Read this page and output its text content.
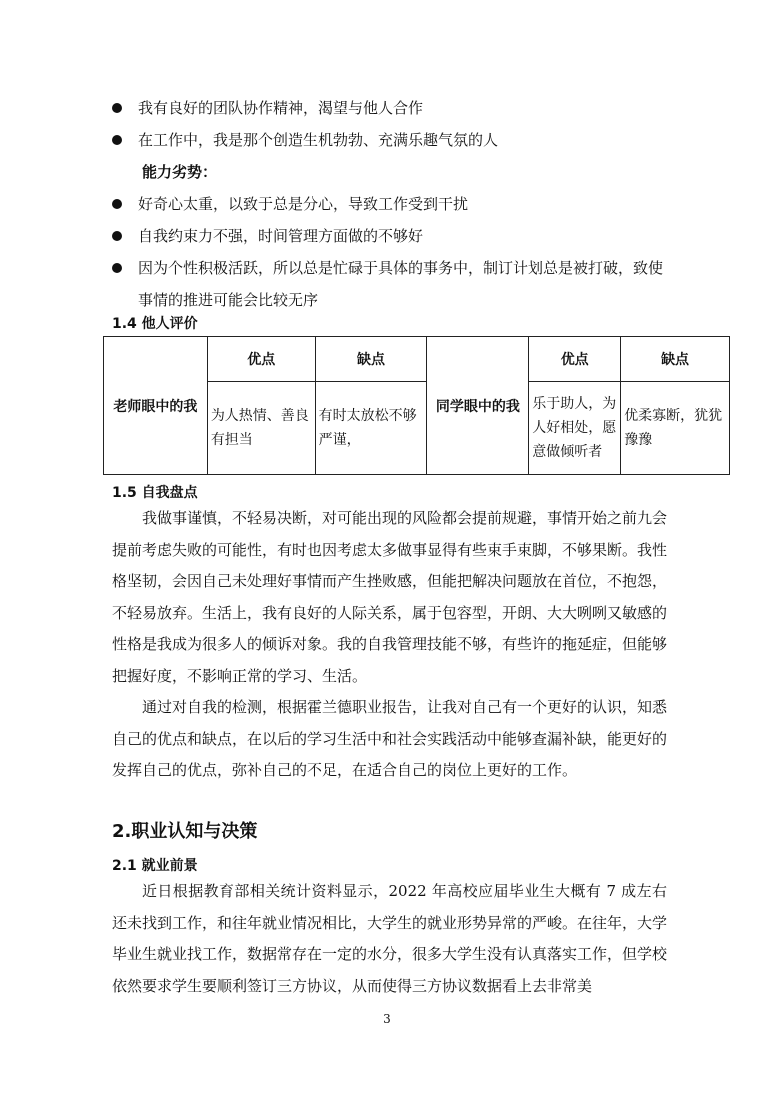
我有良好的团队协作精神，渴望与他人合作
在工作中，我是那个创造生机勃勃、充满乐趣气氛的人
能力劣势：
好奇心太重，以致于总是分心，导致工作受到干扰
自我约束力不强，时间管理方面做的不够好
因为个性积极活跃，所以总是忙碌于具体的事务中，制订计划总是被打破，致使事情的推进可能会比较无序
1.4 他人评价
老师眼中的我	优点	缺点	同学眼中的我	优点	缺点
	为人热情、善良有担当	有时太放松不够严谨，		乐于助人，为人好相处，愿意做倾听者	优柔寡断，犹犹豫豫
1.5 自我盘点

我做事谨慎，不轻易决断，对可能出现的风险都会提前规避，事情开始之前九会提前考虑失败的可能性，有时也因考虑太多做事显得有些束手束脚，不够果断。我性格坚韧，会因自己未处理好事情而产生挫败感，但能把解决问题放在首位，不抱怨，不轻易放弃。生活上，我有良好的人际关系，属于包容型，开朗、大大咧咧又敏感的性格是我成为很多人的倾诉对象。我的自我管理技能不够，有些许的拖延症，但能够把握好度，不影响正常的学习、生活。

通过对自我的检测，根据霍兰德职业报告，让我对自己有一个更好的认识，知悉自己的优点和缺点，在以后的学习生活中和社会实践活动中能够查漏补缺，能更好的发挥自己的优点，弥补自己的不足，在适合自己的岗位上更好的工作。

2.职业认知与决策
2.1 就业前景

近日根据教育部相关统计资料显示，2022 年高校应届毕业生大概有 7 成左右还未找到工作，和往年就业情况相比，大学生的就业形势异常的严峻。在往年，大学毕业生就业找工作，数据常存在一定的水分，很多大学生没有认真落实工作，但学校依然要求学生要顺利签订三方协议，从而使得三方协议数据看上去非常美

3
